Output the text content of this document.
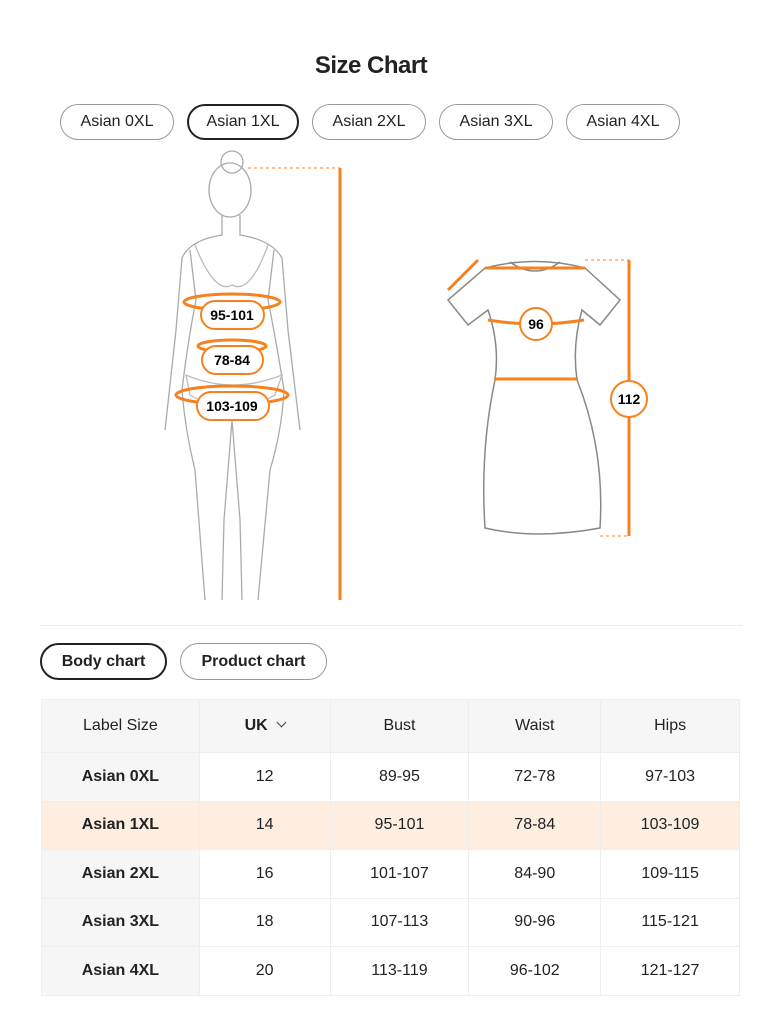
Size Chart
Asian 0XL	Asian 1XL	Asian 2XL	Asian 3XL	Asian 4XL
95-101
78-84
103-109
96
112
Body chart	Product chart
Label Size	UK	Bust	Waist	Hips
Asian 0XL	12	89-95	72-78	97-103
Asian 1XL	14	95-101	78-84	103-109
Asian 2XL	16	101-107	84-90	109-115
Asian 3XL	18	107-113	90-96	115-121
Asian 4XL	20	113-119	96-102	121-127
